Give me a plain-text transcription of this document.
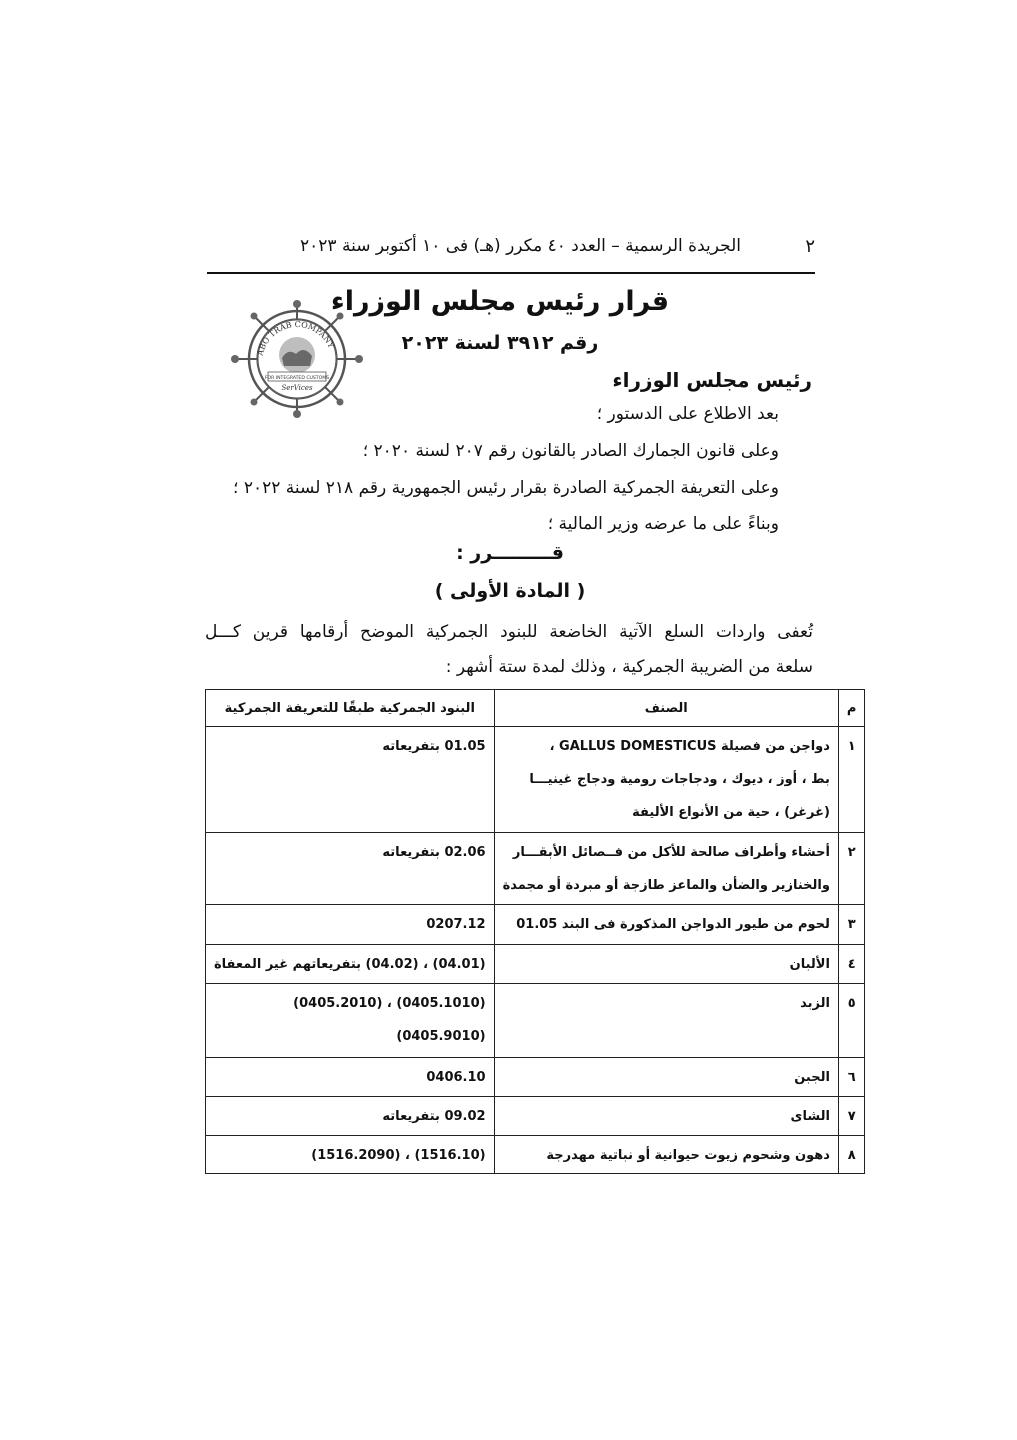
٢
الجريدة الرسمية – العدد ٤٠ مكرر (هـ) فى ١٠ أكتوبر سنة ٢٠٢٣
ABO TRAB COMPANY
FOR INTEGRATED CUSTOMS
SerVices
قرار رئيس مجلس الوزراء
رقم ٣٩١٢ لسنة ٢٠٢٣
رئيس مجلس الوزراء
بعد الاطلاع على الدستور ؛
وعلى قانون الجمارك الصادر بالقانون رقم ٢٠٧ لسنة ٢٠٢٠ ؛
وعلى التعريفة الجمركية الصادرة بقرار رئيس الجمهورية رقم ٢١٨ لسنة ٢٠٢٢ ؛
وبناءً على ما عرضه وزير المالية ؛
قـــــــــرر :
( المادة الأولى )
تُعفى واردات السلع الآتية الخاضعة للبنود الجمركية الموضح أرقامها قرين كـــل
سلعة من الضريبة الجمركية ، وذلك لمدة ستة أشهر :
م	الصنف	البنود الجمركية طبقًا للتعريفة الجمركية

١	دواجن من فصيلة GALLUS DOMESTICUS ،
بط ، أوز ، ديوك ، ودجاجات رومية ودجاج غينيـــا
(غرغر) ، حية من الأنواع الأليفة	01.05 بتفريعاته

٢	أحشاء وأطراف صالحة للأكل من فــصائل الأبقـــار
والخنازير والضأن والماعز طازجة أو مبردة أو مجمدة	02.06 بتفريعاته

٣	لحوم من طيور الدواجن المذكورة فى البند 01.05	0207.12

٤	الألبان	(04.01) ، (04.02) بتفريعاتهم غير المعفاة

٥	الزبد	(0405.1010) ، (0405.2010)
(0405.9010)

٦	الجبن	0406.10

٧	الشاى	09.02 بتفريعاته

٨	دهون وشحوم زيوت حيوانية أو نباتية مهدرجة	(1516.10) ، (1516.2090)
